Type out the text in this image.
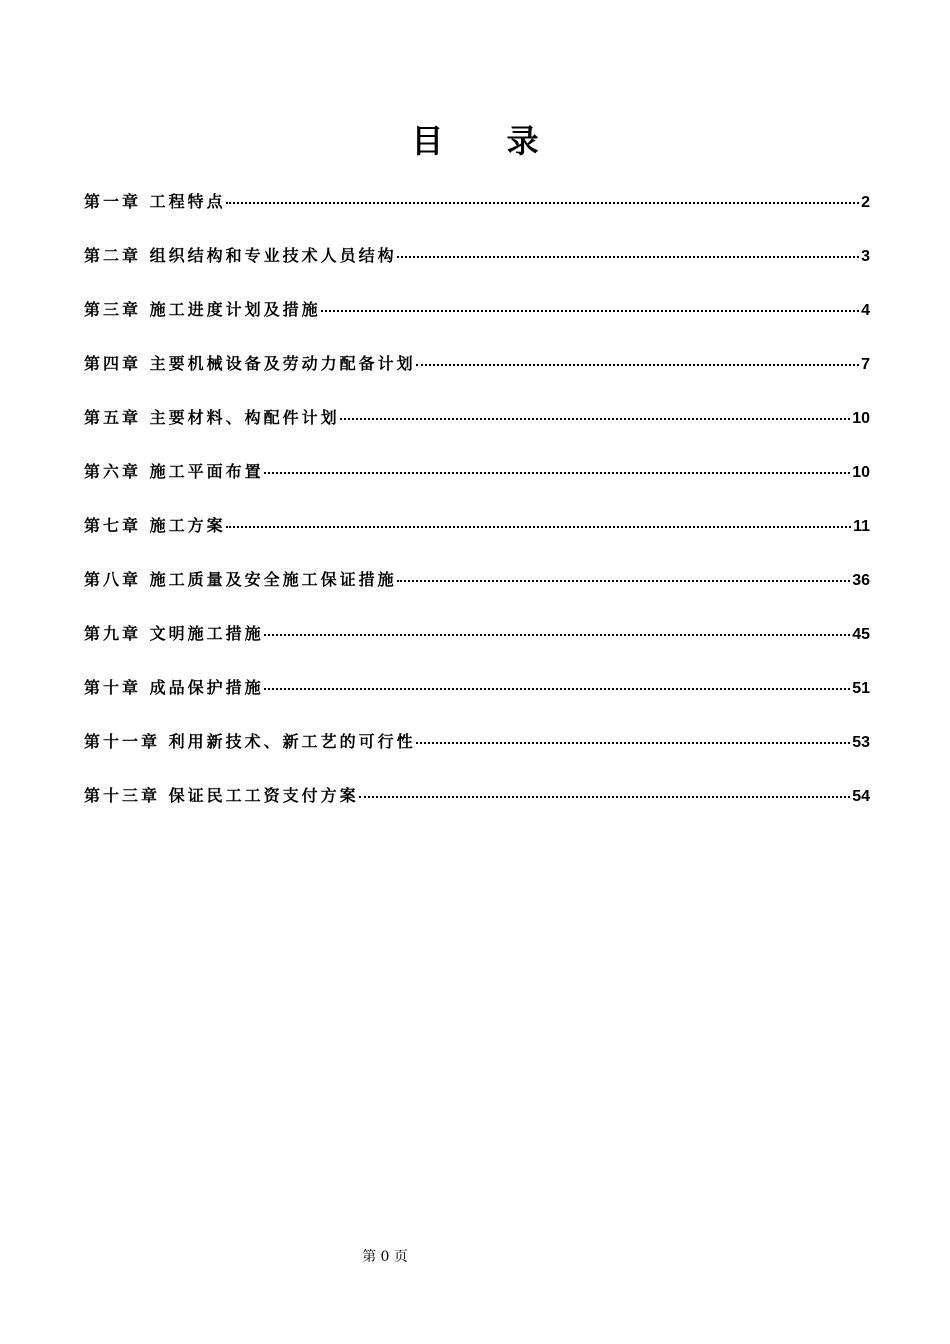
目 录
第一章 工程特点	2
第二章 组织结构和专业技术人员结构	3
第三章 施工进度计划及措施	4
第四章 主要机械设备及劳动力配备计划	7
第五章 主要材料、构配件计划	10
第六章 施工平面布置	10
第七章 施工方案	11
第八章 施工质量及安全施工保证措施	36
第九章 文明施工措施	45
第十章 成品保护措施	51
第十一章 利用新技术、新工艺的可行性	53
第十三章 保证民工工资支付方案	54
第 0 页
